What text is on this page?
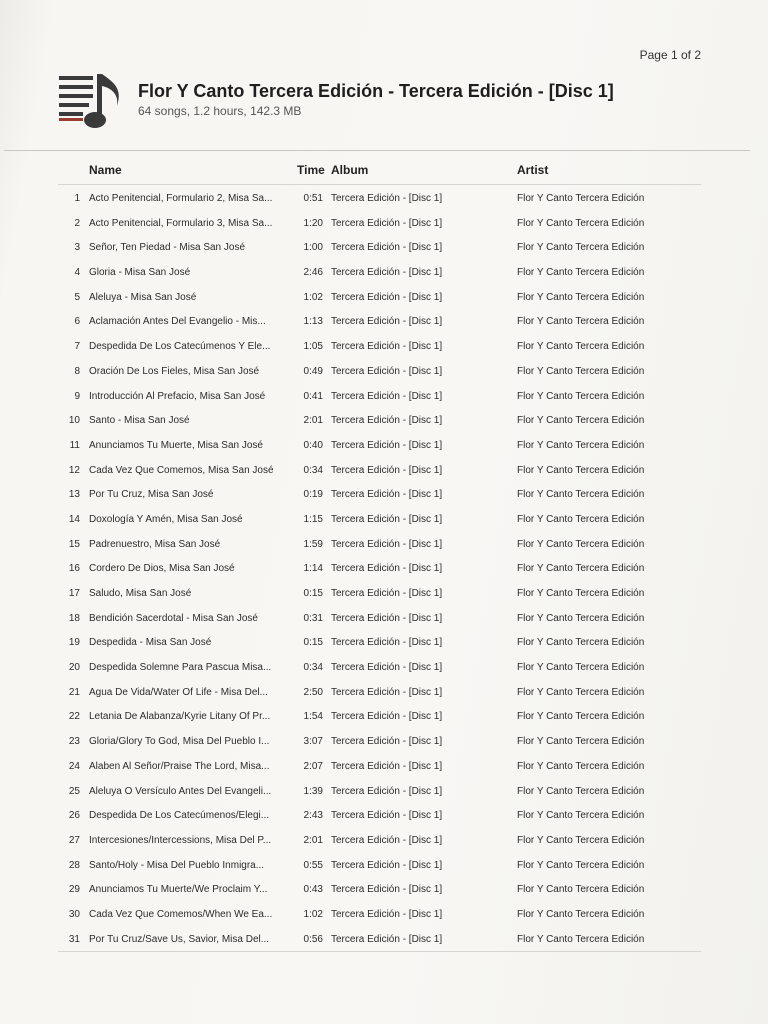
Page 1 of 2
Flor Y Canto Tercera Edición - Tercera Edición - [Disc 1]
64 songs, 1.2 hours, 142.3 MB
Name	Time Album	Artist
1 Acto Penitencial, Formulario 2, Misa Sa...	0:51 Tercera Edición - [Disc 1]	Flor Y Canto Tercera Edición
2 Acto Penitencial, Formulario 3, Misa Sa...	1:20 Tercera Edición - [Disc 1]	Flor Y Canto Tercera Edición
3 Señor, Ten Piedad - Misa San José	1:00 Tercera Edición - [Disc 1]	Flor Y Canto Tercera Edición
4 Gloria - Misa San José	2:46 Tercera Edición - [Disc 1]	Flor Y Canto Tercera Edición
5 Aleluya - Misa San José	1:02 Tercera Edición - [Disc 1]	Flor Y Canto Tercera Edición
6 Aclamación Antes Del Evangelio - Mis...	1:13 Tercera Edición - [Disc 1]	Flor Y Canto Tercera Edición
7 Despedida De Los Catecúmenos Y Ele...	1:05 Tercera Edición - [Disc 1]	Flor Y Canto Tercera Edición
8 Oración De Los Fieles, Misa San José	0:49 Tercera Edición - [Disc 1]	Flor Y Canto Tercera Edición
9 Introducción Al Prefacio, Misa San José	0:41 Tercera Edición - [Disc 1]	Flor Y Canto Tercera Edición
10 Santo - Misa San José	2:01 Tercera Edición - [Disc 1]	Flor Y Canto Tercera Edición
11 Anunciamos Tu Muerte, Misa San José	0:40 Tercera Edición - [Disc 1]	Flor Y Canto Tercera Edición
12 Cada Vez Que Comemos, Misa San José	0:34 Tercera Edición - [Disc 1]	Flor Y Canto Tercera Edición
13 Por Tu Cruz, Misa San José	0:19 Tercera Edición - [Disc 1]	Flor Y Canto Tercera Edición
14 Doxología Y Amén, Misa San José	1:15 Tercera Edición - [Disc 1]	Flor Y Canto Tercera Edición
15 Padrenuestro, Misa San José	1:59 Tercera Edición - [Disc 1]	Flor Y Canto Tercera Edición
16 Cordero De Dios, Misa San José	1:14 Tercera Edición - [Disc 1]	Flor Y Canto Tercera Edición
17 Saludo, Misa San José	0:15 Tercera Edición - [Disc 1]	Flor Y Canto Tercera Edición
18 Bendición Sacerdotal - Misa San José	0:31 Tercera Edición - [Disc 1]	Flor Y Canto Tercera Edición
19 Despedida - Misa San José	0:15 Tercera Edición - [Disc 1]	Flor Y Canto Tercera Edición
20 Despedida Solemne Para Pascua Misa...	0:34 Tercera Edición - [Disc 1]	Flor Y Canto Tercera Edición
21 Agua De Vida/Water Of Life - Misa Del...	2:50 Tercera Edición - [Disc 1]	Flor Y Canto Tercera Edición
22 Letania De Alabanza/Kyrie Litany Of Pr...	1:54 Tercera Edición - [Disc 1]	Flor Y Canto Tercera Edición
23 Gloria/Glory To God, Misa Del Pueblo I...	3:07 Tercera Edición - [Disc 1]	Flor Y Canto Tercera Edición
24 Alaben Al Señor/Praise The Lord, Misa...	2:07 Tercera Edición - [Disc 1]	Flor Y Canto Tercera Edición
25 Aleluya O Versículo Antes Del Evangeli...	1:39 Tercera Edición - [Disc 1]	Flor Y Canto Tercera Edición
26 Despedida De Los Catecúmenos/Elegi...	2:43 Tercera Edición - [Disc 1]	Flor Y Canto Tercera Edición
27 Intercesiones/Intercessions, Misa Del P...	2:01 Tercera Edición - [Disc 1]	Flor Y Canto Tercera Edición
28 Santo/Holy - Misa Del Pueblo Inmigra...	0:55 Tercera Edición - [Disc 1]	Flor Y Canto Tercera Edición
29 Anunciamos Tu Muerte/We Proclaim Y...	0:43 Tercera Edición - [Disc 1]	Flor Y Canto Tercera Edición
30 Cada Vez Que Comemos/When We Ea...	1:02 Tercera Edición - [Disc 1]	Flor Y Canto Tercera Edición
31 Por Tu Cruz/Save Us, Savior, Misa Del...	0:56 Tercera Edición - [Disc 1]	Flor Y Canto Tercera Edición
